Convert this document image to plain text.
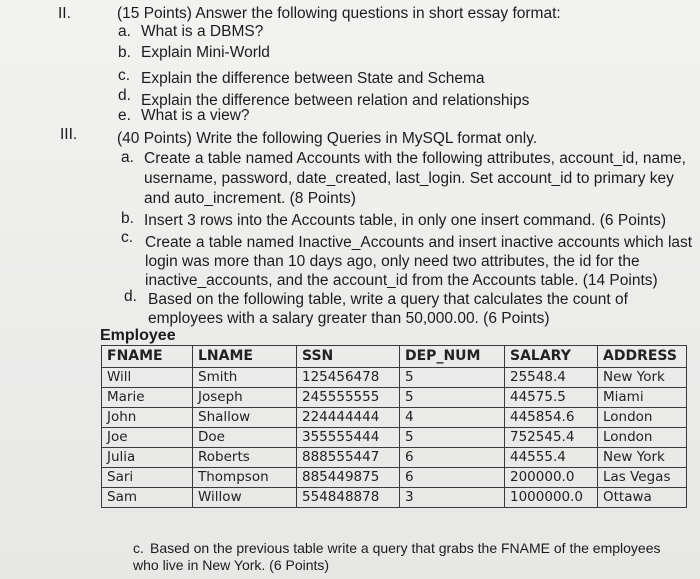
II.	(15 Points) Answer the following questions in short essay format:
a. What is a DBMS?
b. Explain Mini-World
c. Explain the difference between State and Schema
d. Explain the difference between relation and relationships
e. What is a view?
III.	(40 Points) Write the following Queries in MySQL format only.
a. Create a table named Accounts with the following attributes, account_id, name,
username, password, date_created, last_login. Set account_id to primary key
and auto_increment. (8 Points)
b. Insert 3 rows into the Accounts table, in only one insert command. (6 Points)
c. Create a table named Inactive_Accounts and insert inactive accounts which last
login was more than 10 days ago, only need two attributes, the id for the
inactive_accounts, and the account_id from the Accounts table. (14 Points)
d. Based on the following table, write a query that calculates the count of
employees with a salary greater than 50,000.00. (6 Points)
Employee
FNAME	LNAME	SSN	DEP_NUM	SALARY	ADDRESS
Will	Smith	125456478	5	25548.4	New York
Marie	Joseph	245555555	5	44575.5	Miami
John	Shallow	224444444	4	445854.6	London
Joe	Doe	355555444	5	752545.4	London
Julia	Roberts	888555447	6	44555.4	New York
Sari	Thompson	885449875	6	200000.0	Las Vegas
Sam	Willow	554848878	3	1000000.0	Ottawa
c. Based on the previous table write a query that grabs the FNAME of the employees
who live in New York. (6 Points)
